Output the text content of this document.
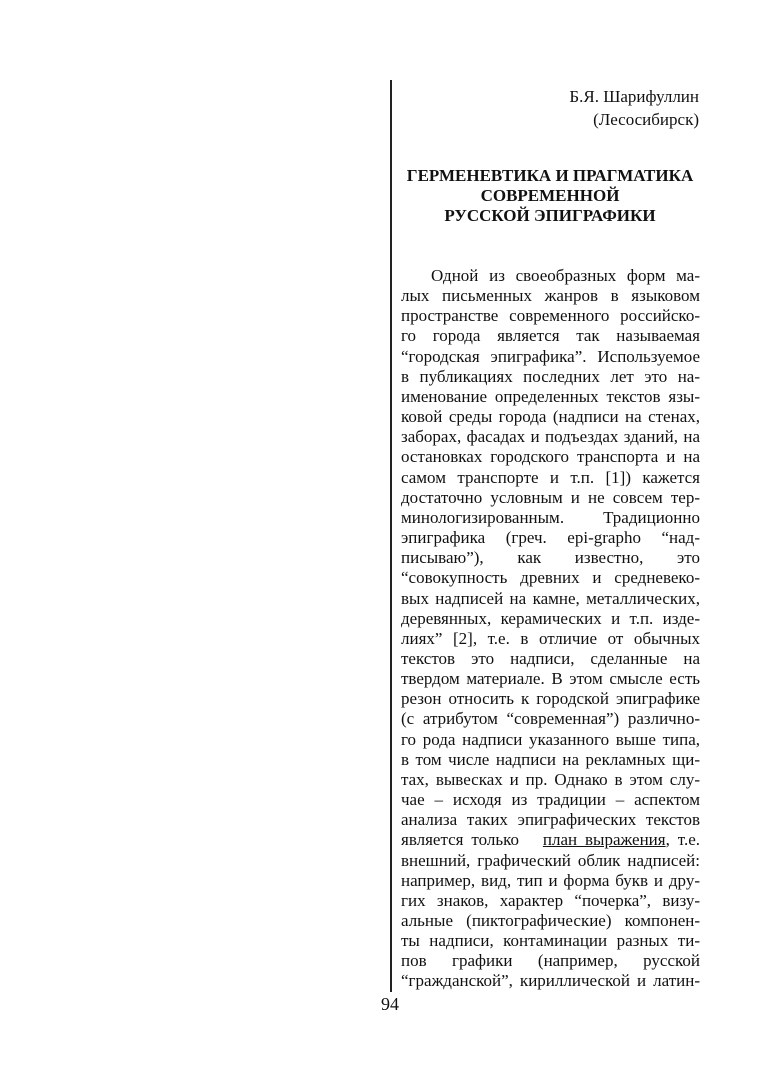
Б.Я. Шарифуллин
(Лесосибирск)
ГЕРМЕНЕВТИКА И ПРАГМАТИКА
СОВРЕМЕННОЙ
РУССКОЙ ЭПИГРАФИКИ
Одной из своеобразных форм ма-
лых письменных жанров в языковом
пространстве современного российско-
го города является так называемая
“городская эпиграфика”. Используемое
в публикациях последних лет это на-
именование определенных текстов язы-
ковой среды города (надписи на стенах,
заборах, фасадах и подъездах зданий, на
остановках городского транспорта и на
самом транспорте и т.п. [1]) кажется
достаточно условным и не совсем тер-
минологизированным. Традиционно
эпиграфика (греч. epi-grapho “над-
писываю”), как известно, это
“совокупность древних и средневеко-
вых надписей на камне, металлических,
деревянных, керамических и т.п. изде-
лиях” [2], т.е. в отличие от обычных
текстов это надписи, сделанные на
твердом материале. В этом смысле есть
резон относить к городской эпиграфике
(с атрибутом “современная”) различно-
го рода надписи указанного выше типа,
в том числе надписи на рекламных щи-
тах, вывесках и пр. Однако в этом слу-
чае – исходя из традиции – аспектом
анализа таких эпиграфических текстов
является только план выражения, т.е.
внешний, графический облик надписей:
например, вид, тип и форма букв и дру-
гих знаков, характер “почерка”, визу-
альные (пиктографические) компонен-
ты надписи, контаминации разных ти-
пов графики (например, русской
“гражданской”, кириллической и латин-
94
